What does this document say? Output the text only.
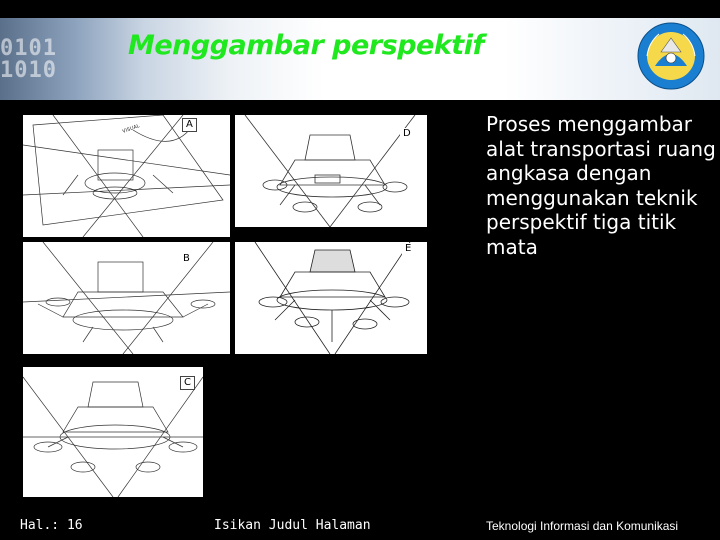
0101
1010
Menggambar perspektif
VISUAL	A
D
B
E
C
Proses menggambar alat transportasi ruang angkasa dengan menggunakan teknik perspektif tiga titik mata
Hal.: 16	Isikan Judul Halaman	Teknologi Informasi dan Komunikasi
